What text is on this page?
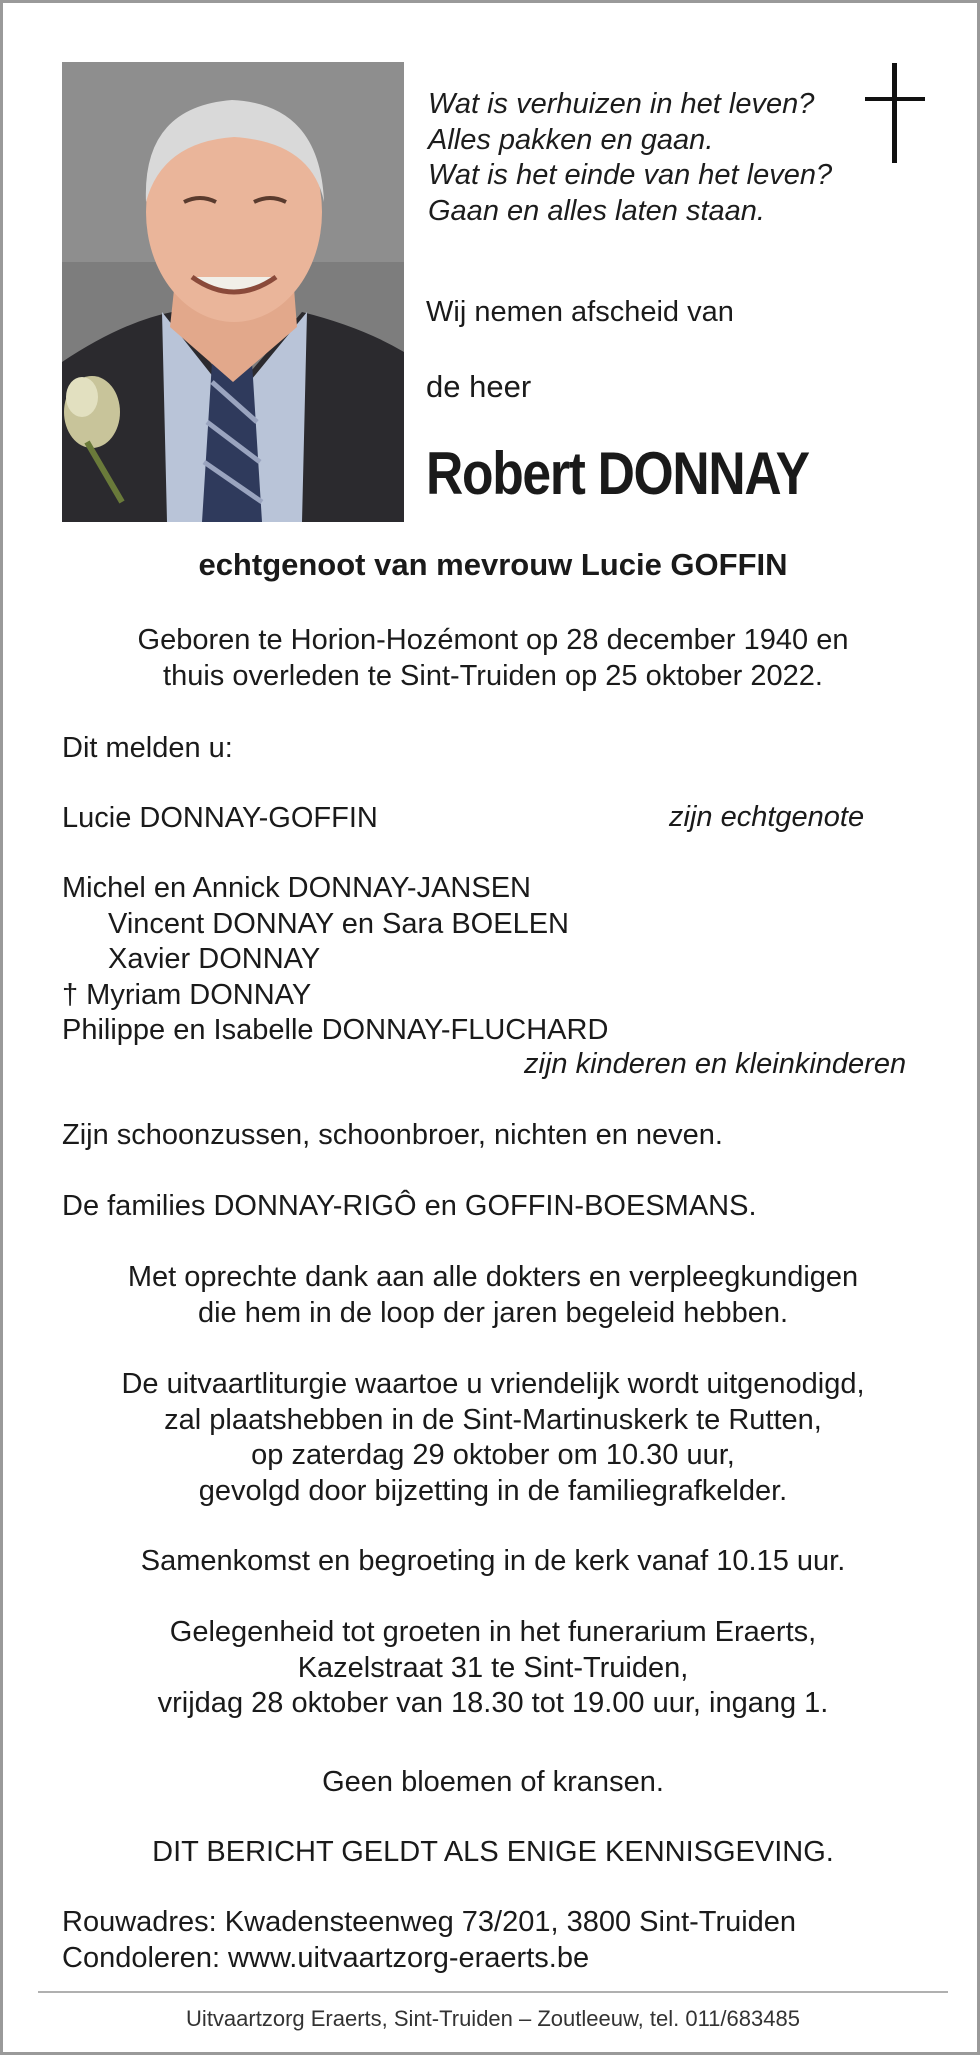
Wat is verhuizen in het leven?
Alles pakken en gaan.
Wat is het einde van het leven?
Gaan en alles laten staan.
Wij nemen afscheid van
de heer
Robert DONNAY
echtgenoot van mevrouw Lucie GOFFIN
Geboren te Horion-Hozémont op 28 december 1940 en
thuis overleden te Sint-Truiden op 25 oktober 2022.
Dit melden u:
Lucie DONNAY-GOFFIN	zijn echtgenote
Michel en Annick DONNAY-JANSEN
Vincent DONNAY en Sara BOELEN
Xavier DONNAY
† Myriam DONNAY
Philippe en Isabelle DONNAY-FLUCHARD
zijn kinderen en kleinkinderen
Zijn schoonzussen, schoonbroer, nichten en neven.
De families DONNAY-RIGÔ en GOFFIN-BOESMANS.
Met oprechte dank aan alle dokters en verpleegkundigen
die hem in de loop der jaren begeleid hebben.
De uitvaartliturgie waartoe u vriendelijk wordt uitgenodigd,
zal plaatshebben in de Sint-Martinuskerk te Rutten,
op zaterdag 29 oktober om 10.30 uur,
gevolgd door bijzetting in de familiegrafkelder.
Samenkomst en begroeting in de kerk vanaf 10.15 uur.
Gelegenheid tot groeten in het funerarium Eraerts,
Kazelstraat 31 te Sint-Truiden,
vrijdag 28 oktober van 18.30 tot 19.00 uur, ingang 1.
Geen bloemen of kransen.
DIT BERICHT GELDT ALS ENIGE KENNISGEVING.
Rouwadres: Kwadensteenweg 73/201, 3800 Sint-Truiden
Condoleren: www.uitvaartzorg-eraerts.be
Uitvaartzorg Eraerts, Sint-Truiden – Zoutleeuw, tel. 011/683485
